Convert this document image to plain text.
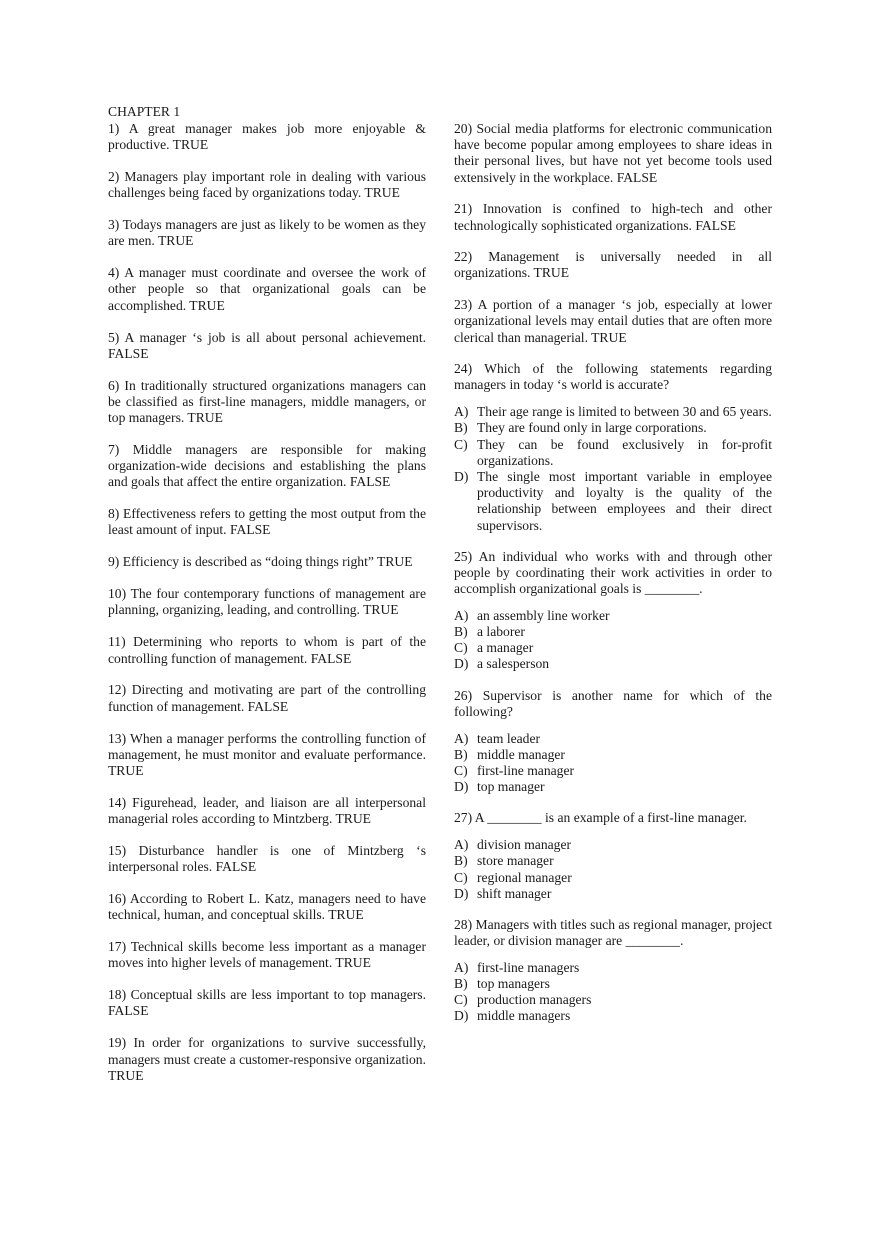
CHAPTER 1

1) A great manager makes job more enjoyable & productive. TRUE

2) Managers play important role in dealing with various challenges being faced by organizations today. TRUE

3) Todays managers are just as likely to be women as they are men. TRUE

4) A manager must coordinate and oversee the work of other people so that organizational goals can be accomplished. TRUE

5) A manager ‘s job is all about personal achievement. FALSE

6) In traditionally structured organizations managers can be classified as first-line managers, middle managers, or top managers. TRUE

7) Middle managers are responsible for making organization-wide decisions and establishing the plans and goals that affect the entire organization. FALSE

8) Effectiveness refers to getting the most output from the least amount of input. FALSE

9) Efficiency is described as “doing things right” TRUE

10) The four contemporary functions of management are planning, organizing, leading, and controlling. TRUE

11) Determining who reports to whom is part of the controlling function of management. FALSE

12) Directing and motivating are part of the controlling function of management. FALSE

13) When a manager performs the controlling function of management, he must monitor and evaluate performance. TRUE

14) Figurehead, leader, and liaison are all interpersonal managerial roles according to Mintzberg. TRUE

15) Disturbance handler is one of Mintzberg ‘s interpersonal roles. FALSE

16) According to Robert L. Katz, managers need to have technical, human, and conceptual skills. TRUE

17) Technical skills become less important as a manager moves into higher levels of management. TRUE

18) Conceptual skills are less important to top managers. FALSE

19) In order for organizations to survive successfully, managers must create a customer-responsive organization. TRUE

20) Social media platforms for electronic communication have become popular among employees to share ideas in their personal lives, but have not yet become tools used extensively in the workplace. FALSE

21) Innovation is confined to high-tech and other technologically sophisticated organizations. FALSE

22) Management is universally needed in all organizations. TRUE

23) A portion of a manager ‘s job, especially at lower organizational levels may entail duties that are often more clerical than managerial. TRUE

24) Which of the following statements regarding managers in today ‘s world is accurate?

A) Their age range is limited to between 30 and 65 years.
B) They are found only in large corporations.
C) They can be found exclusively in for-profit organizations.
D) The single most important variable in employee productivity and loyalty is the quality of the relationship between employees and their direct supervisors.

25) An individual who works with and through other people by coordinating their work activities in order to accomplish organizational goals is ________.

A) an assembly line worker
B) a laborer
C) a manager
D) a salesperson

26) Supervisor is another name for which of the following?

A) team leader
B) middle manager
C) first-line manager
D) top manager

27) A ________ is an example of a first-line manager.

A) division manager
B) store manager
C) regional manager
D) shift manager

28) Managers with titles such as regional manager, project leader, or division manager are ________.

A) first-line managers
B) top managers
C) production managers
D) middle managers
